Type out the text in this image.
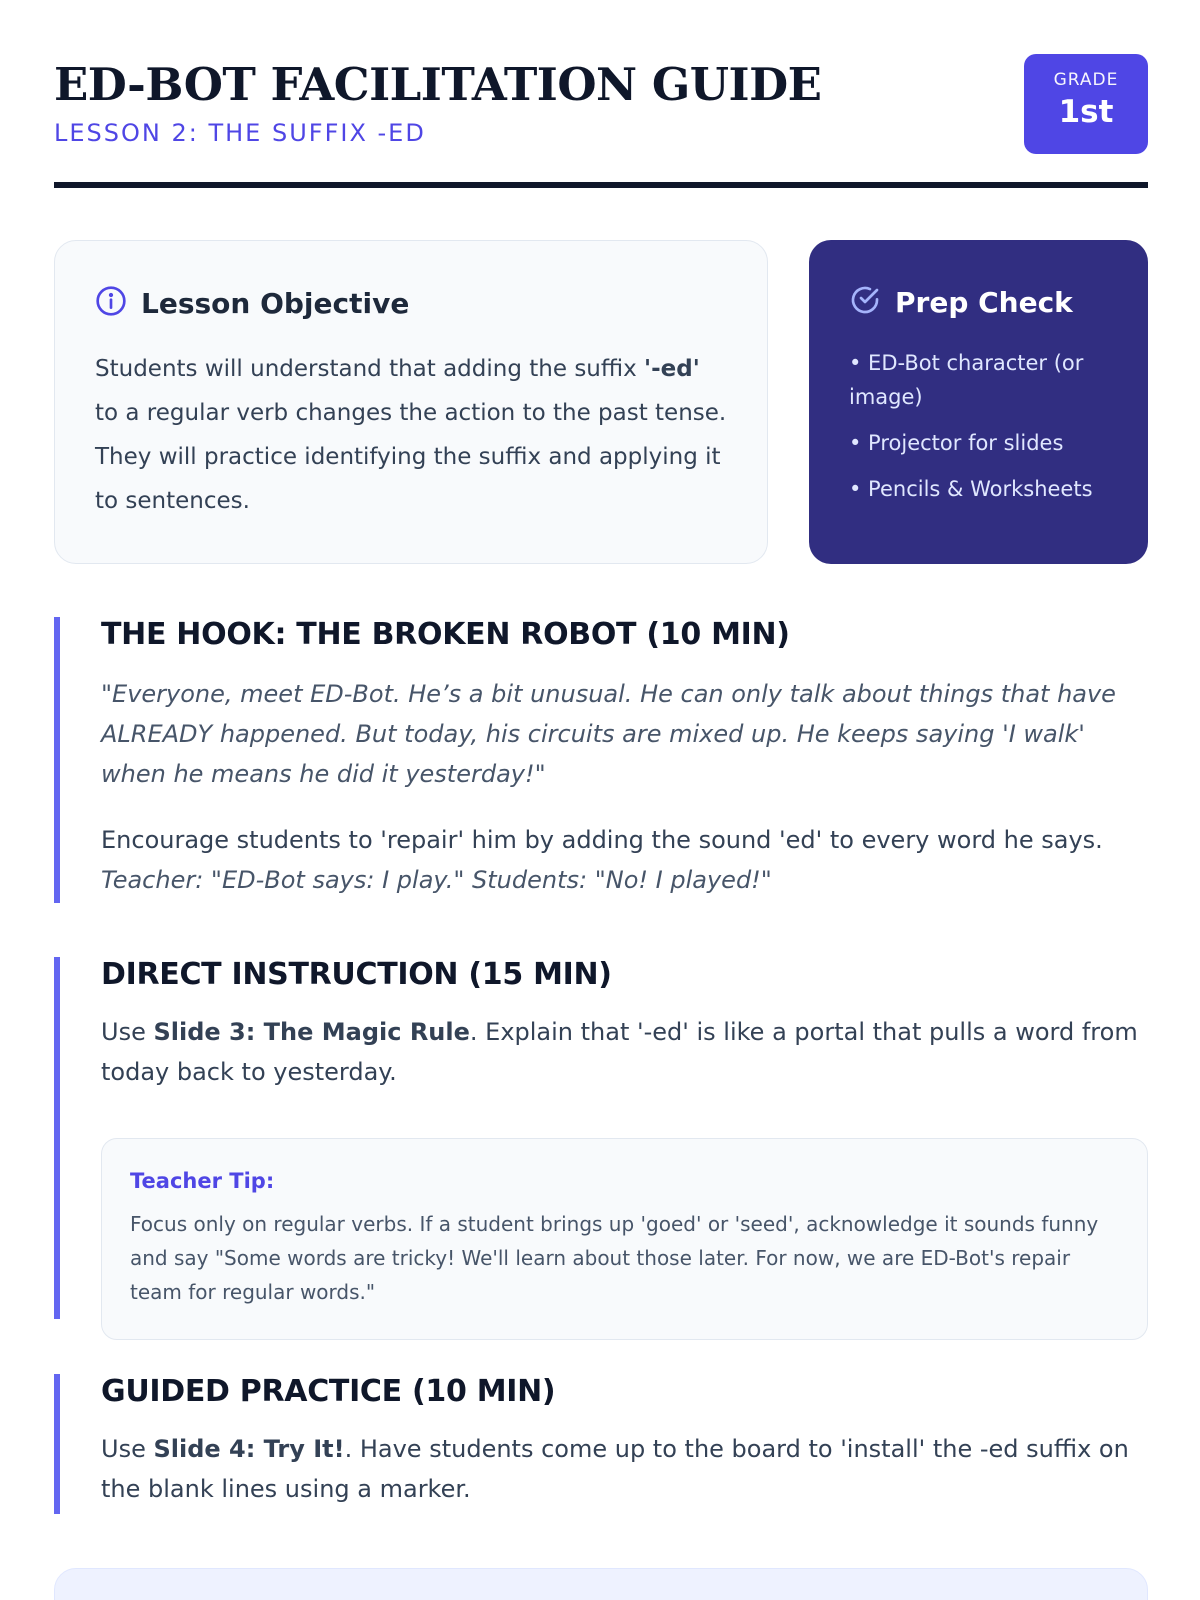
ED-BOT FACILITATION GUIDE
LESSON 2: THE SUFFIX -ED
GRADE
1st
Lesson Objective

Students will understand that adding the suffix '-ed' to a regular verb changes the action to the past tense. They will practice identifying the suffix and applying it to sentences.

Prep Check
• ED-Bot character (or image)
• Projector for slides
• Pencils & Worksheets
THE HOOK: THE BROKEN ROBOT (10 MIN)

"Everyone, meet ED-Bot. He’s a bit unusual. He can only talk about things that have ALREADY happened. But today, his circuits are mixed up. He keeps saying 'I walk' when he means he did it yesterday!"

Encourage students to 'repair' him by adding the sound 'ed' to every word he says.

Teacher: "ED-Bot says: I play." Students: "No! I played!"

DIRECT INSTRUCTION (15 MIN)

Use Slide 3: The Magic Rule. Explain that '-ed' is like a portal that pulls a word from today back to yesterday.

Teacher Tip:

Focus only on regular verbs. If a student brings up 'goed' or 'seed', acknowledge it sounds funny and say "Some words are tricky! We'll learn about those later. For now, we are ED-Bot's repair team for regular words."

GUIDED PRACTICE (10 MIN)

Use Slide 4: Try It!. Have students come up to the board to 'install' the -ed suffix on the blank lines using a marker.
